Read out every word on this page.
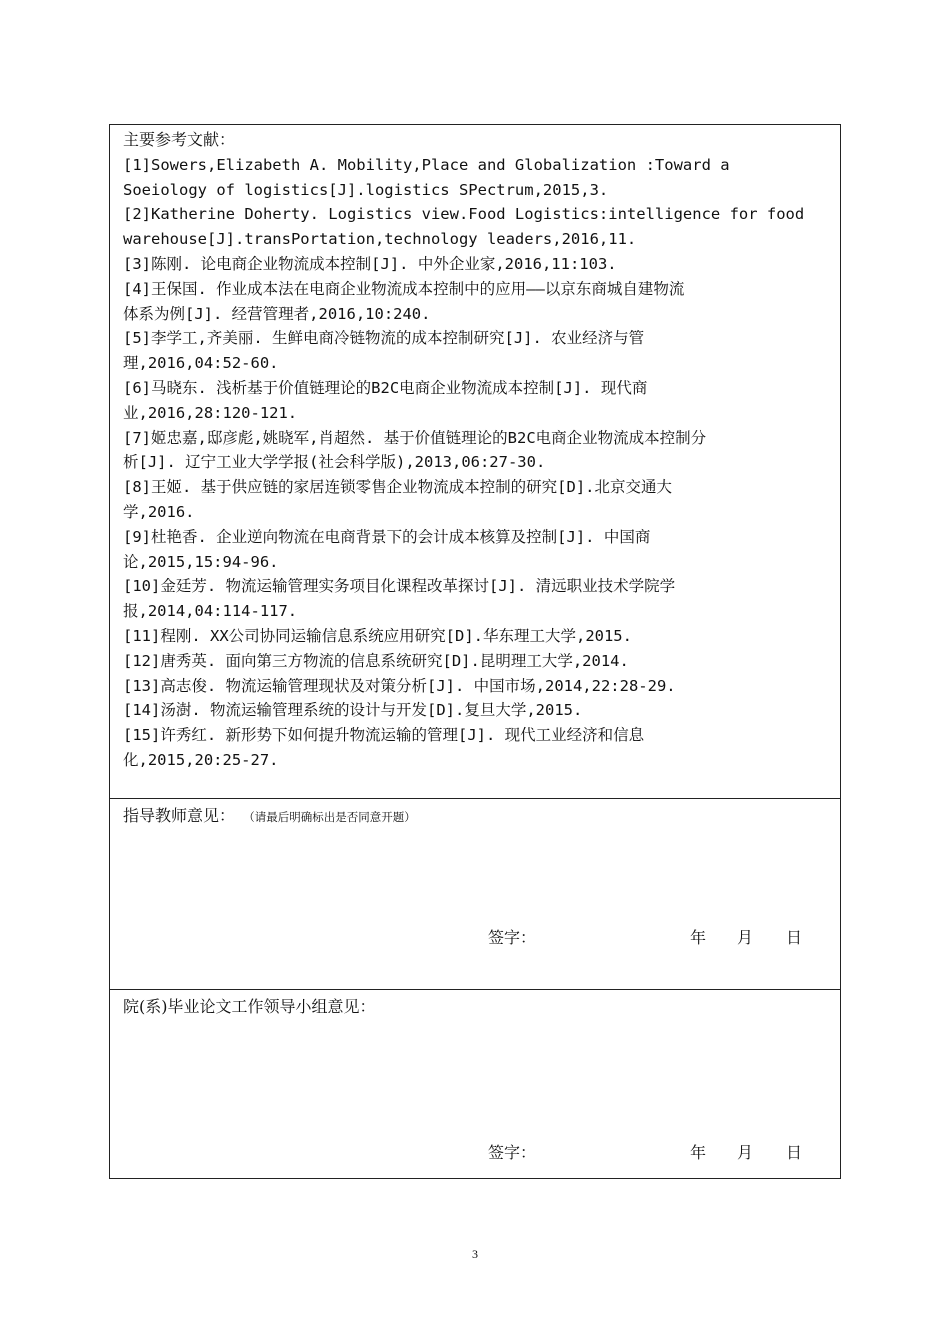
主要参考文献：
[1]Sowers,Elizabeth A. Mobility,Place and Globalization :Toward a
Soeiology of logistics[J].logistics SPectrum,2015,3.
[2]Katherine Doherty. Logistics view.Food Logistics:intelligence for food
warehouse[J].transPortation,technology leaders,2016,11.
[3]陈刚. 论电商企业物流成本控制[J]. 中外企业家,2016,11:103.
[4]王保国. 作业成本法在电商企业物流成本控制中的应用——以京东商城自建物流
体系为例[J]. 经营管理者,2016,10:240.
[5]李学工,齐美丽. 生鲜电商冷链物流的成本控制研究[J]. 农业经济与管
理,2016,04:52-60.
[6]马晓东. 浅析基于价值链理论的B2C电商企业物流成本控制[J]. 现代商
业,2016,28:120-121.
[7]姬忠嘉,邸彦彪,姚晓军,肖超然. 基于价值链理论的B2C电商企业物流成本控制分
析[J]. 辽宁工业大学学报(社会科学版),2013,06:27-30.
[8]王姬. 基于供应链的家居连锁零售企业物流成本控制的研究[D].北京交通大
学,2016.
[9]杜艳香. 企业逆向物流在电商背景下的会计成本核算及控制[J]. 中国商
论,2015,15:94-96.
[10]金廷芳. 物流运输管理实务项目化课程改革探讨[J]. 清远职业技术学院学
报,2014,04:114-117.
[11]程刚. XX公司协同运输信息系统应用研究[D].华东理工大学,2015.
[12]唐秀英. 面向第三方物流的信息系统研究[D].昆明理工大学,2014.
[13]高志俊. 物流运输管理现状及对策分析[J]. 中国市场,2014,22:28-29.
[14]汤澍. 物流运输管理系统的设计与开发[D].复旦大学,2015.
[15]许秀红. 新形势下如何提升物流运输的管理[J]. 现代工业经济和信息
化,2015,20:25-27.
指导教师意见： （请最后明确标出是否同意开题）
签字：	年 月 日
院(系)毕业论文工作领导小组意见：
签字：	年 月 日
3
